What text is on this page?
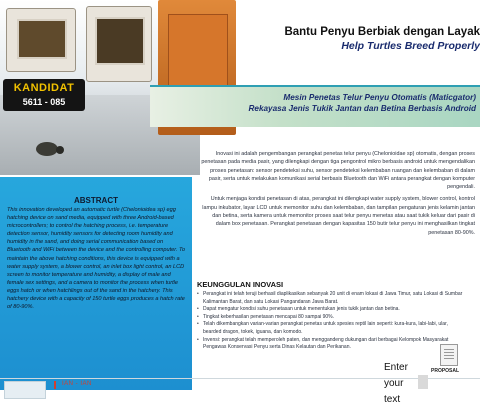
KANDIDAT
5611 - 085
Bantu Penyu Berbiak dengan Layak
Help Turtles Breed Properly
Mesin Penetas Telur Penyu Otomatis (Maticgator)
Rekayasa Jenis Tukik Jantan dan Betina Berbasis Android

Inovasi ini adalah pengembangan perangkat penetas telur penyu (Chelonioidae sp) otomatis, dengan proses penetasan pada media pasir, yang dilengkapi dengan tiga pengontrol mikro berbasis android untuk mengendalikan proses penetasan: sensor pendeteksi suhu, sensor pendeteksi kelembaban ruangan dan kelembaban di dalam pasir, serta untuk melakukan komunikasi serial berbasis Bluetooth dan WiFi antara perangkat dengan komputer pengendali.

Untuk menjaga kondisi penetasan di atas, perangkat ini dilengkapi water supply system, blower control, kontrol lampu inkubator, layar LCD untuk memonitor suhu dan kelembaban, dan tampilan pengaturan jenis kelamin jantan dan betina, serta kamera untuk memonitor proses saat telur penyu menetas atau saat tukik keluar dari pasir di dalam box penetasan. Perangkat penetasan dengan kapasitas 150 butir telur penyu ini menghasilkan tingkat penetasan 80-90%.

KEUNGGULAN INOVASI
• Perangkat ini telah teruji berhasil diaplikasikan sebanyak 20 unit di enam lokasi di Jawa Timur, satu Lokasi di Sumbar Kalimantan Barat, dan satu Lokasi Pangandaran Jawa Barat.
• Dapat mengatur kondisi suhu penetasan untuk menentukan jenis tukik jantan dan betina.
• Tingkat keberhasilan penetasan mencapai 80 sampai 90%.
• Telah dikembangkan varian-varian perangkat penetas untuk spesies reptil lain seperti: kura-kura, labi-labi, ular, bearded dragon, tokek, iguana, dan komodo.
• Invensi: perangkat telah memperoleh paten, dan menggandeng dukungan dari berbagai Kelompok Masyarakat Pengawas Konservasi Penyu serta Dinas Kelautan dan Perikanan.
ABSTRACT
This innovation developed an automatic turtle (Chelonioidea sp) egg hatching device on sand media, equipped with three Android-based microcontrollers; to control the hatching process, i.e. temperature detection sensor, humidity sensors for detecting room humidity and humidity in the sand, and doing serial communication based on Bluetooth and WiFi between the device and the controlling computer. To maintain the above hatching conditions, this device is equipped with a water supply system, a blower control, an inlet box light control, an LCD screen to monitor temperature and humidity, a display of male and female sex settings, and a camera to monitor the process when turtle eggs hatch or when hatchlings out of the sand in the hatchery. This hatchery device with a capacity of 150 turtle eggs produces a hatch rate of 80-90%.
IAN - IAN
Enter your text
PROPOSAL
